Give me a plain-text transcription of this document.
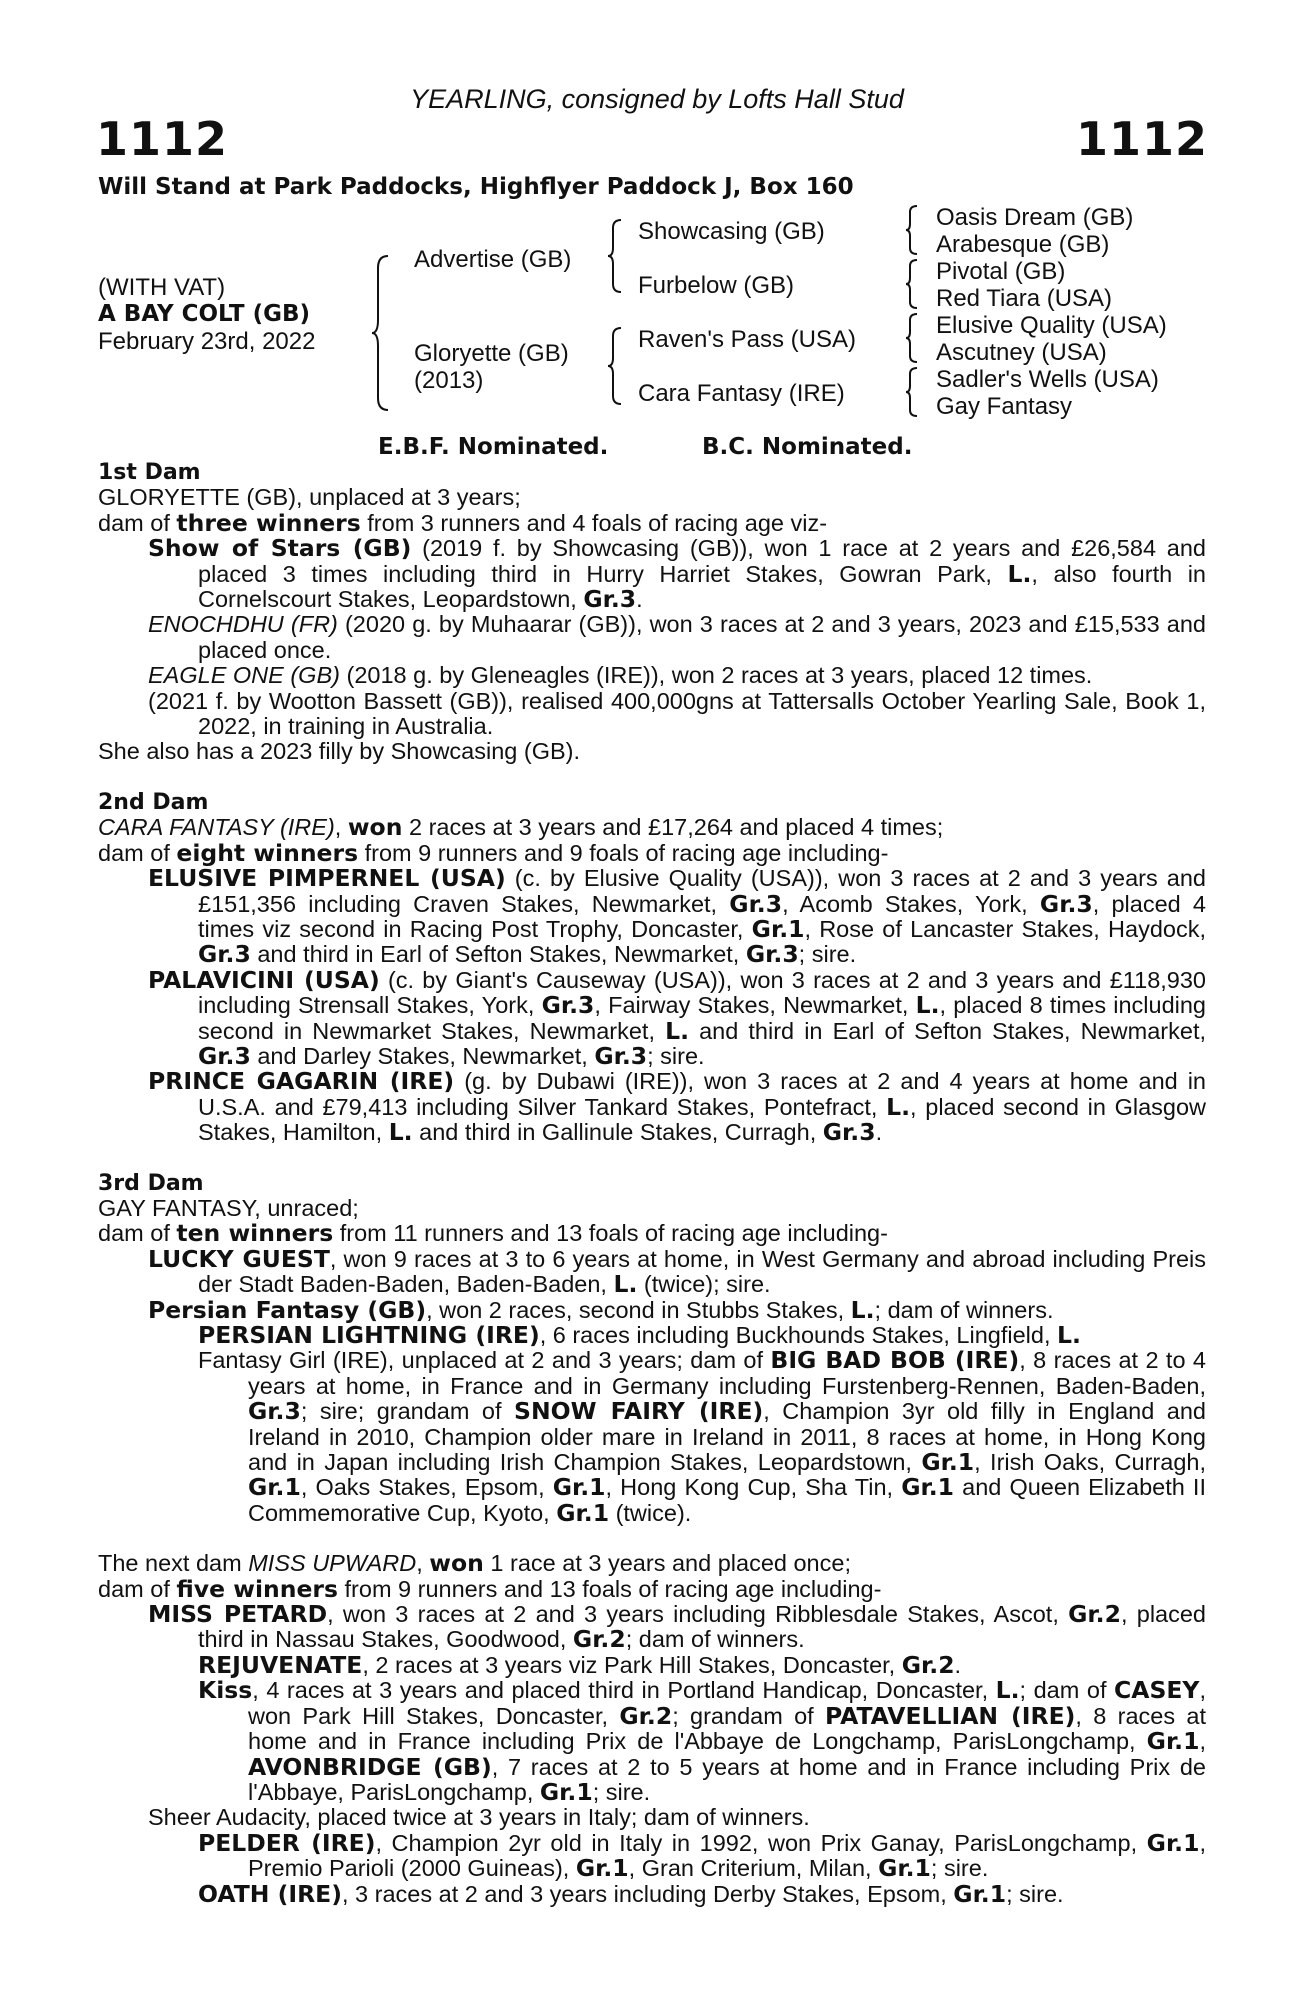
YEARLING, consigned by Lofts Hall Stud
1112	1112
Will Stand at Park Paddocks, Highflyer Paddock J, Box 160
(WITH VAT)
A BAY COLT (GB)
February 23rd, 2022
Advertise (GB)
Gloryette (GB)
(2013)
Showcasing (GB)
Furbelow (GB)
Raven's Pass (USA)
Cara Fantasy (IRE)
Oasis Dream (GB)
Arabesque (GB)
Pivotal (GB)
Red Tiara (USA)
Elusive Quality (USA)
Ascutney (USA)
Sadler's Wells (USA)
Gay Fantasy
E.B.F. Nominated.	B.C. Nominated.
1st Dam

GLORYETTE (GB), unplaced at 3 years;

dam of three winners from 3 runners and 4 foals of racing age viz-

Show of Stars (GB) (2019 f. by Showcasing (GB)), won 1 race at 2 years and £26,584 and placed 3 times including third in Hurry Harriet Stakes, Gowran Park, L., also fourth in Cornelscourt Stakes, Leopardstown, Gr.3.

ENOCHDHU (FR) (2020 g. by Muhaarar (GB)), won 3 races at 2 and 3 years, 2023 and £15,533 and placed once.

EAGLE ONE (GB) (2018 g. by Gleneagles (IRE)), won 2 races at 3 years, placed 12 times.

(2021 f. by Wootton Bassett (GB)), realised 400,000gns at Tattersalls October Yearling Sale, Book 1, 2022, in training in Australia.

She also has a 2023 filly by Showcasing (GB).

2nd Dam

CARA FANTASY (IRE), won 2 races at 3 years and £17,264 and placed 4 times;

dam of eight winners from 9 runners and 9 foals of racing age including-

ELUSIVE PIMPERNEL (USA) (c. by Elusive Quality (USA)), won 3 races at 2 and 3 years and £151,356 including Craven Stakes, Newmarket, Gr.3, Acomb Stakes, York, Gr.3, placed 4 times viz second in Racing Post Trophy, Doncaster, Gr.1, Rose of Lancaster Stakes, Haydock, Gr.3 and third in Earl of Sefton Stakes, Newmarket, Gr.3; sire.

PALAVICINI (USA) (c. by Giant's Causeway (USA)), won 3 races at 2 and 3 years and £118,930 including Strensall Stakes, York, Gr.3, Fairway Stakes, Newmarket, L., placed 8 times including second in Newmarket Stakes, Newmarket, L. and third in Earl of Sefton Stakes, Newmarket, Gr.3 and Darley Stakes, Newmarket, Gr.3; sire.

PRINCE GAGARIN (IRE) (g. by Dubawi (IRE)), won 3 races at 2 and 4 years at home and in U.S.A. and £79,413 including Silver Tankard Stakes, Pontefract, L., placed second in Glasgow Stakes, Hamilton, L. and third in Gallinule Stakes, Curragh, Gr.3.

3rd Dam

GAY FANTASY, unraced;

dam of ten winners from 11 runners and 13 foals of racing age including-

LUCKY GUEST, won 9 races at 3 to 6 years at home, in West Germany and abroad including Preis der Stadt Baden-Baden, Baden-Baden, L. (twice); sire.

Persian Fantasy (GB), won 2 races, second in Stubbs Stakes, L.; dam of winners.

PERSIAN LIGHTNING (IRE), 6 races including Buckhounds Stakes, Lingfield, L.

Fantasy Girl (IRE), unplaced at 2 and 3 years; dam of BIG BAD BOB (IRE), 8 races at 2 to 4 years at home, in France and in Germany including Furstenberg-Rennen, Baden-Baden, Gr.3; sire; grandam of SNOW FAIRY (IRE), Champion 3yr old filly in England and Ireland in 2010, Champion older mare in Ireland in 2011, 8 races at home, in Hong Kong and in Japan including Irish Champion Stakes, Leopardstown, Gr.1, Irish Oaks, Curragh, Gr.1, Oaks Stakes, Epsom, Gr.1, Hong Kong Cup, Sha Tin, Gr.1 and Queen Elizabeth II Commemorative Cup, Kyoto, Gr.1 (twice).

The next dam MISS UPWARD, won 1 race at 3 years and placed once;

dam of five winners from 9 runners and 13 foals of racing age including-

MISS PETARD, won 3 races at 2 and 3 years including Ribblesdale Stakes, Ascot, Gr.2, placed third in Nassau Stakes, Goodwood, Gr.2; dam of winners.

REJUVENATE, 2 races at 3 years viz Park Hill Stakes, Doncaster, Gr.2.

Kiss, 4 races at 3 years and placed third in Portland Handicap, Doncaster, L.; dam of CASEY, won Park Hill Stakes, Doncaster, Gr.2; grandam of PATAVELLIAN (IRE), 8 races at home and in France including Prix de l'Abbaye de Longchamp, ParisLongchamp, Gr.1, AVONBRIDGE (GB), 7 races at 2 to 5 years at home and in France including Prix de l'Abbaye, ParisLongchamp, Gr.1; sire.

Sheer Audacity, placed twice at 3 years in Italy; dam of winners.

PELDER (IRE), Champion 2yr old in Italy in 1992, won Prix Ganay, ParisLongchamp, Gr.1, Premio Parioli (2000 Guineas), Gr.1, Gran Criterium, Milan, Gr.1; sire.

OATH (IRE), 3 races at 2 and 3 years including Derby Stakes, Epsom, Gr.1; sire.
